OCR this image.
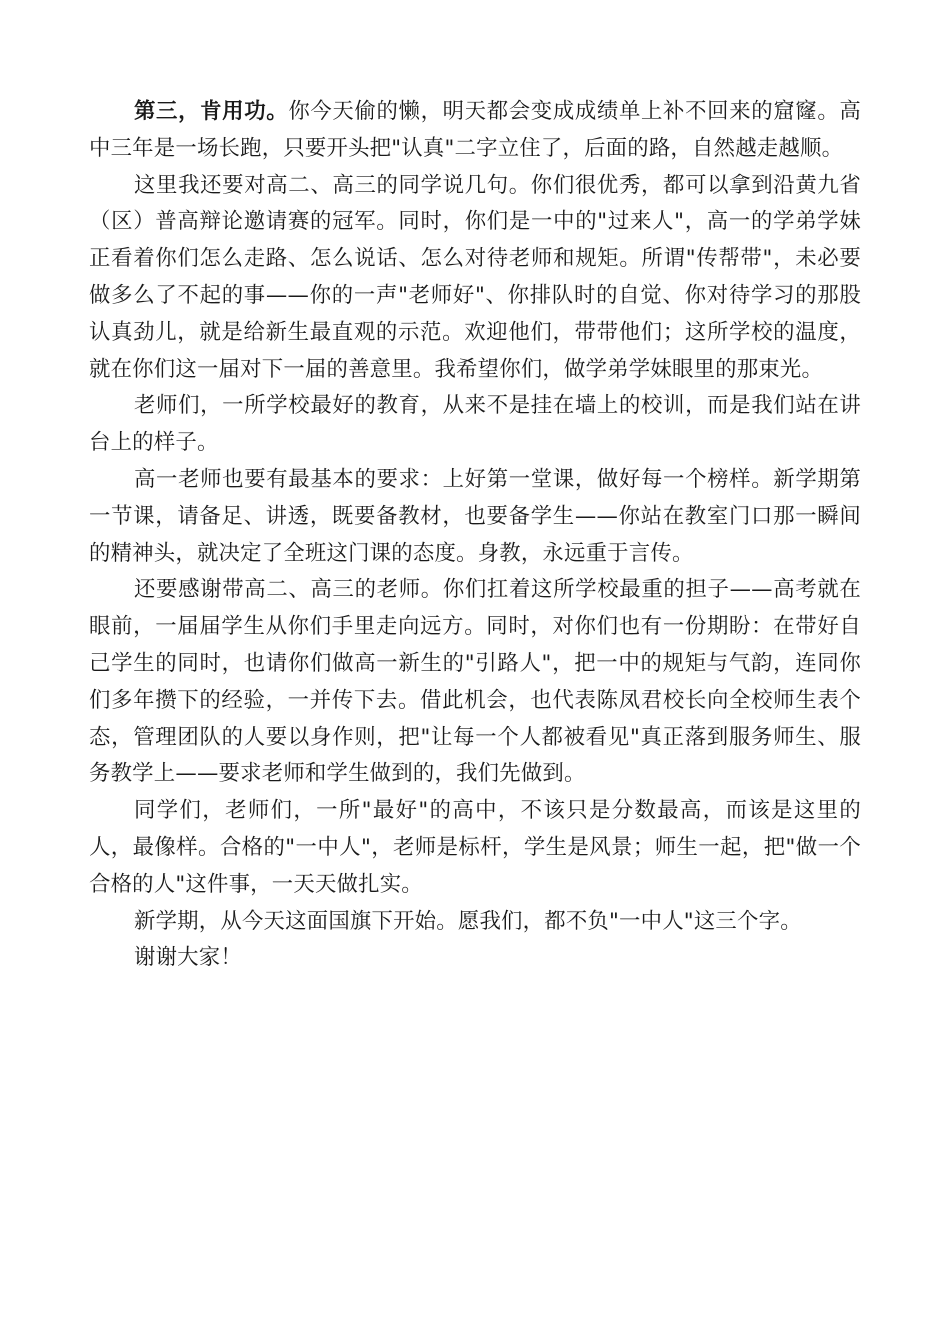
第三，肯用功。你今天偷的懒，明天都会变成成绩单上补不回来的窟窿。高中三年是一场长跑，只要开头把"认真"二字立住了，后面的路，自然越走越顺。

这里我还要对高二、高三的同学说几句。你们很优秀，都可以拿到沿黄九省（区）普高辩论邀请赛的冠军。同时，你们是一中的"过来人"，高一的学弟学妹正看着你们怎么走路、怎么说话、怎么对待老师和规矩。所谓"传帮带"，未必要做多么了不起的事——你的一声"老师好"、你排队时的自觉、你对待学习的那股认真劲儿，就是给新生最直观的示范。欢迎他们，带带他们；这所学校的温度，就在你们这一届对下一届的善意里。我希望你们，做学弟学妹眼里的那束光。

老师们，一所学校最好的教育，从来不是挂在墙上的校训，而是我们站在讲台上的样子。

高一老师也要有最基本的要求：上好第一堂课，做好每一个榜样。新学期第一节课，请备足、讲透，既要备教材，也要备学生——你站在教室门口那一瞬间的精神头，就决定了全班这门课的态度。身教，永远重于言传。

还要感谢带高二、高三的老师。你们扛着这所学校最重的担子——高考就在眼前，一届届学生从你们手里走向远方。同时，对你们也有一份期盼：在带好自己学生的同时，也请你们做高一新生的"引路人"，把一中的规矩与气韵，连同你们多年攒下的经验，一并传下去。借此机会，也代表陈凤君校长向全校师生表个态，管理团队的人要以身作则，把"让每一个人都被看见"真正落到服务师生、服务教学上——要求老师和学生做到的，我们先做到。

同学们，老师们，一所"最好"的高中，不该只是分数最高，而该是这里的人，最像样。合格的"一中人"，老师是标杆，学生是风景；师生一起，把"做一个合格的人"这件事，一天天做扎实。

新学期，从今天这面国旗下开始。愿我们，都不负"一中人"这三个字。

谢谢大家！
